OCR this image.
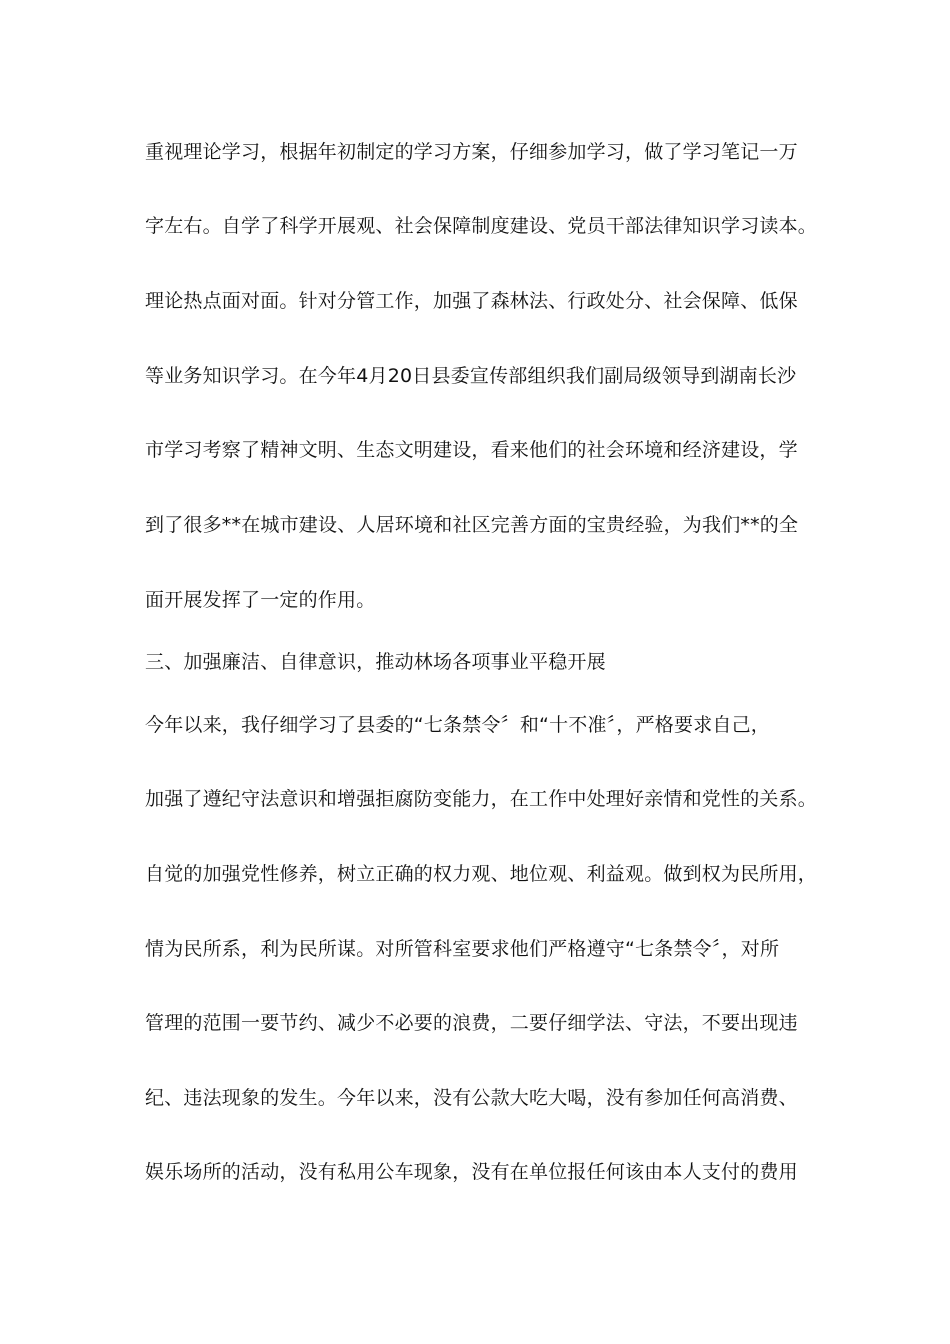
重视理论学习，根据年初制定的学习方案，仔细参加学习，做了学习笔记一万
字左右。自学了科学开展观、社会保障制度建设、党员干部法律知识学习读本。
理论热点面对面。针对分管工作，加强了森林法、行政处分、社会保障、低保
等业务知识学习。在今年4月20日县委宣传部组织我们副局级领导到湖南长沙
市学习考察了精神文明、生态文明建设，看来他们的社会环境和经济建设，学
到了很多**在城市建设、人居环境和社区完善方面的宝贵经验，为我们**的全
面开展发挥了一定的作用。
三、加强廉洁、自律意识，推动林场各项事业平稳开展
今年以来，我仔细学习了县委的“七条禁令〞和“十不准〞，严格要求自己，
加强了遵纪守法意识和增强拒腐防变能力，在工作中处理好亲情和党性的关系。
自觉的加强党性修养，树立正确的权力观、地位观、利益观。做到权为民所用，
情为民所系，利为民所谋。对所管科室要求他们严格遵守“七条禁令〞，对所
管理的范围一要节约、减少不必要的浪费，二要仔细学法、守法，不要出现违
纪、违法现象的发生。今年以来，没有公款大吃大喝，没有参加任何高消费、
娱乐场所的活动，没有私用公车现象，没有在单位报任何该由本人支付的费用
